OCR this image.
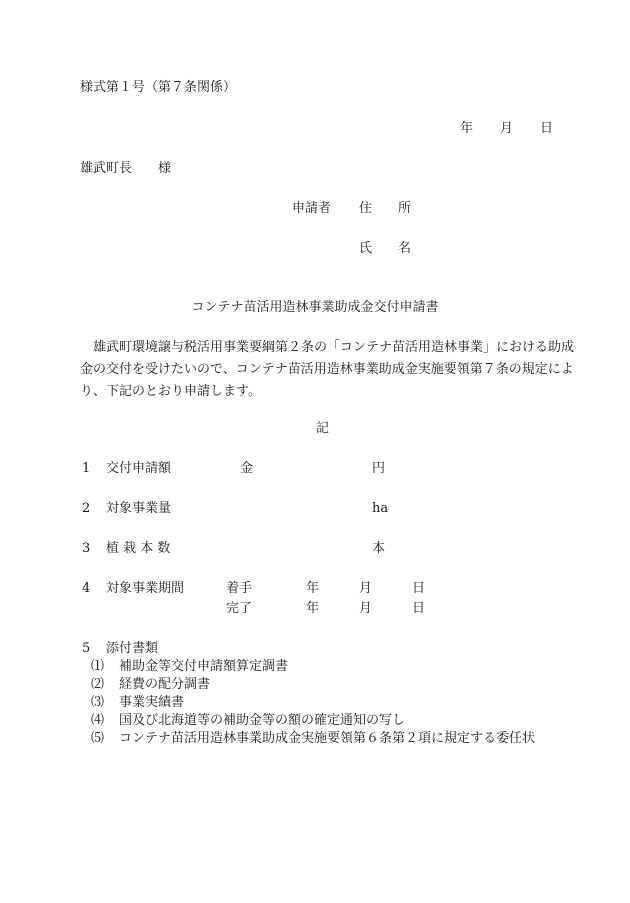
様式第１号（第７条関係）
年 月 日
雄武町長 様
申請者 住　　所
氏　　名
コンテナ苗活用造林事業助成金交付申請書
雄武町環境譲与税活用事業要綱第２条の「コンテナ苗活用造林事業」における助成金の交付を受けたいので、コンテナ苗活用造林事業助成金実施要領第７条の規定により、下記のとおり申請します。
記
1 交付申請額	金	円
2 対象事業量	ha
3 植 栽 本 数	本
4 対象事業期間	着手	年	月	日
完了	年	月	日
5 添付書類
⑴ 補助金等交付申請額算定調書
⑵ 経費の配分調書
⑶ 事業実績書
⑷ 国及び北海道等の補助金等の額の確定通知の写し
⑸ コンテナ苗活用造林事業助成金実施要領第６条第２項に規定する委任状
